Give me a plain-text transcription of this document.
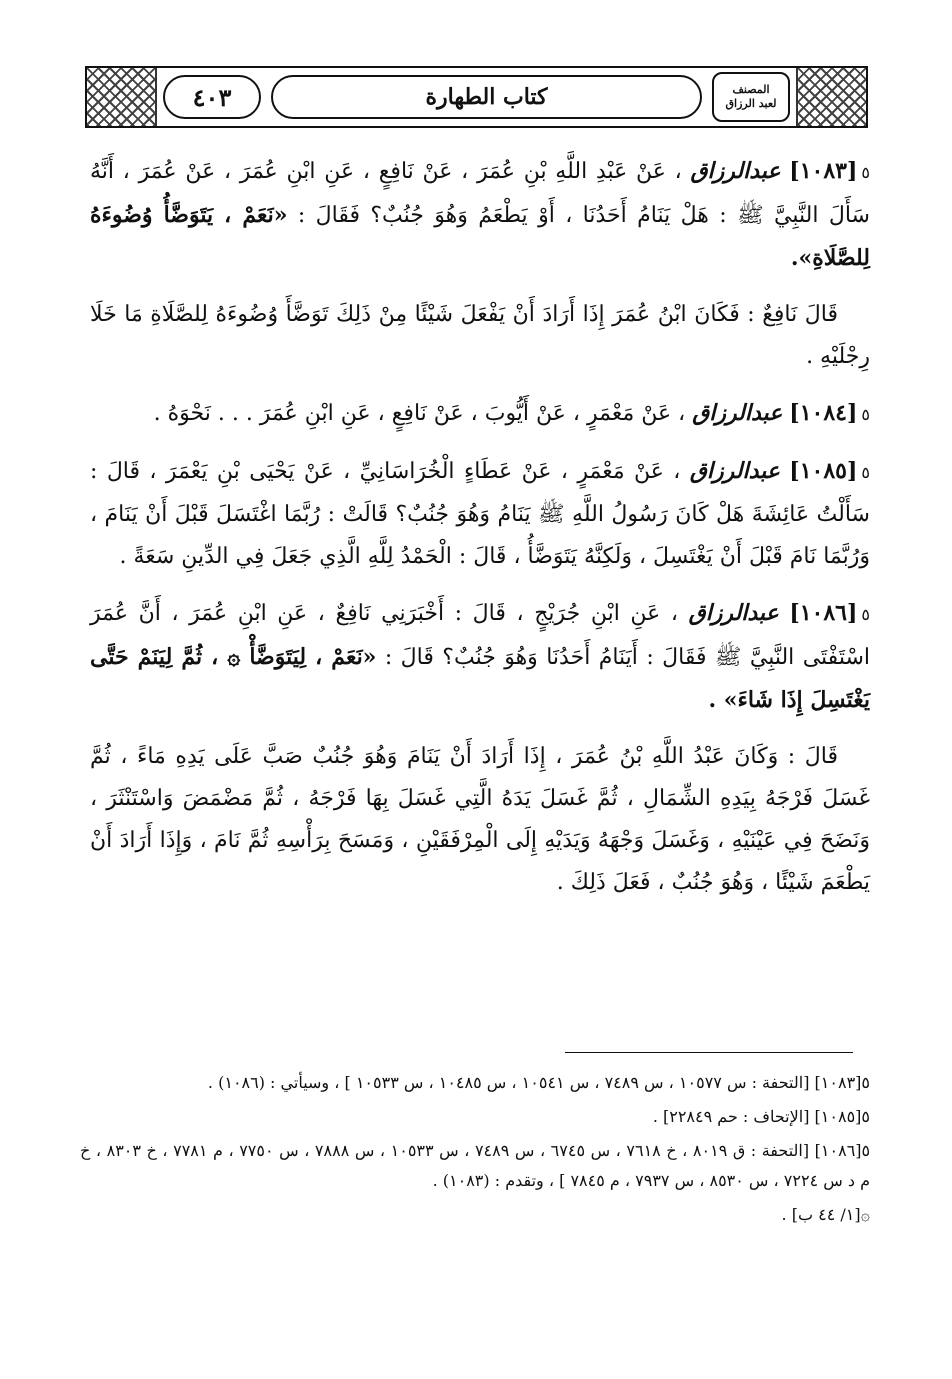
٤٠٣	كتاب الطهارة	المصنف
لعبد الرزاق

٥[١٠٨٣] عبدالرزاق ، عَنْ عَبْدِ اللَّهِ بْنِ عُمَرَ ، عَنْ نَافِعٍ ، عَنِ ابْنِ عُمَرَ ، عَنْ عُمَرَ ، أَنَّهُ سَأَلَ النَّبِيَّ ﷺ : هَلْ يَنَامُ أَحَدُنَا ، أَوْ يَطْعَمُ وَهُوَ جُنُبٌ؟ فَقَالَ : «نَعَمْ ، يَتَوَضَّأُ وُضُوءَهُ لِلصَّلَاةِ».

قَالَ نَافِعٌ : فَكَانَ ابْنُ عُمَرَ إِذَا أَرَادَ أَنْ يَفْعَلَ شَيْئًا مِنْ ذَلِكَ تَوَضَّأَ وُضُوءَهُ لِلصَّلَاةِ مَا خَلَا رِجْلَيْهِ .

٥[١٠٨٤] عبدالرزاق ، عَنْ مَعْمَرٍ ، عَنْ أَيُّوبَ ، عَنْ نَافِعٍ ، عَنِ ابْنِ عُمَرَ . . . نَحْوَهُ .

٥[١٠٨٥] عبدالرزاق ، عَنْ مَعْمَرٍ ، عَنْ عَطَاءٍ الْخُرَاسَانِيِّ ، عَنْ يَحْيَى بْنِ يَعْمَرَ ، قَالَ : سَأَلْتُ عَائِشَةَ هَلْ كَانَ رَسُولُ اللَّهِ ﷺ يَنَامُ وَهُوَ جُنُبٌ؟ قَالَتْ : رُبَّمَا اغْتَسَلَ قَبْلَ أَنْ يَنَامَ ، وَرُبَّمَا نَامَ قَبْلَ أَنْ يَغْتَسِلَ ، وَلَكِنَّهُ يَتَوَضَّأُ ، قَالَ : الْحَمْدُ لِلَّهِ الَّذِي جَعَلَ فِي الدِّينِ سَعَةً .

٥[١٠٨٦] عبدالرزاق ، عَنِ ابْنِ جُرَيْجٍ ، قَالَ : أَخْبَرَنِي نَافِعٌ ، عَنِ ابْنِ عُمَرَ ، أَنَّ عُمَرَ اسْتَفْتَى النَّبِيَّ ﷺ فَقَالَ : أَيَنَامُ أَحَدُنَا وَهُوَ جُنُبٌ؟ قَالَ : «نَعَمْ ، لِيَتَوَضَّأْ ۞ ، ثُمَّ لِيَنَمْ حَتَّى يَغْتَسِلَ إِذَا شَاءَ» .

قَالَ : وَكَانَ عَبْدُ اللَّهِ بْنُ عُمَرَ ، إِذَا أَرَادَ أَنْ يَنَامَ وَهُوَ جُنُبٌ صَبَّ عَلَى يَدِهِ مَاءً ، ثُمَّ غَسَلَ فَرْجَهُ بِيَدِهِ الشِّمَالِ ، ثُمَّ غَسَلَ يَدَهُ الَّتِي غَسَلَ بِهَا فَرْجَهُ ، ثُمَّ مَضْمَضَ وَاسْتَنْثَرَ ، وَنَضَحَ فِي عَيْنَيْهِ ، وَغَسَلَ وَجْهَهُ وَيَدَيْهِ إِلَى الْمِرْفَقَيْنِ ، وَمَسَحَ بِرَأْسِهِ ثُمَّ نَامَ ، وَإِذَا أَرَادَ أَنْ يَطْعَمَ شَيْئًا ، وَهُوَ جُنُبٌ ، فَعَلَ ذَلِكَ .

٥[١٠٨٣] [التحفة : س ١٠٥٧٧ ، س ٧٤٨٩ ، س ١٠٥٤١ ، س ١٠٤٨٥ ، س ١٠٥٣٣ ] ، وسيأتي : (١٠٨٦) .

٥[١٠٨٥] [الإتحاف : حم ٢٢٨٤٩] .

٥[١٠٨٦] [التحفة : ق ٨٠١٩ ، خ ٧٦١٨ ، س ٦٧٤٥ ، س ٧٤٨٩ ، س ١٠٥٣٣ ، س ٧٨٨٨ ، س ٧٧٥٠ ، م ٧٧٨١ ، خ ٨٣٠٣ ، خ م د س ٧٢٢٤ ، س ٨٥٣٠ ، س ٧٩٣٧ ، م ٧٨٤٥ ] ، وتقدم : (١٠٨٣) .

۞[١/ ٤٤ ب] .
